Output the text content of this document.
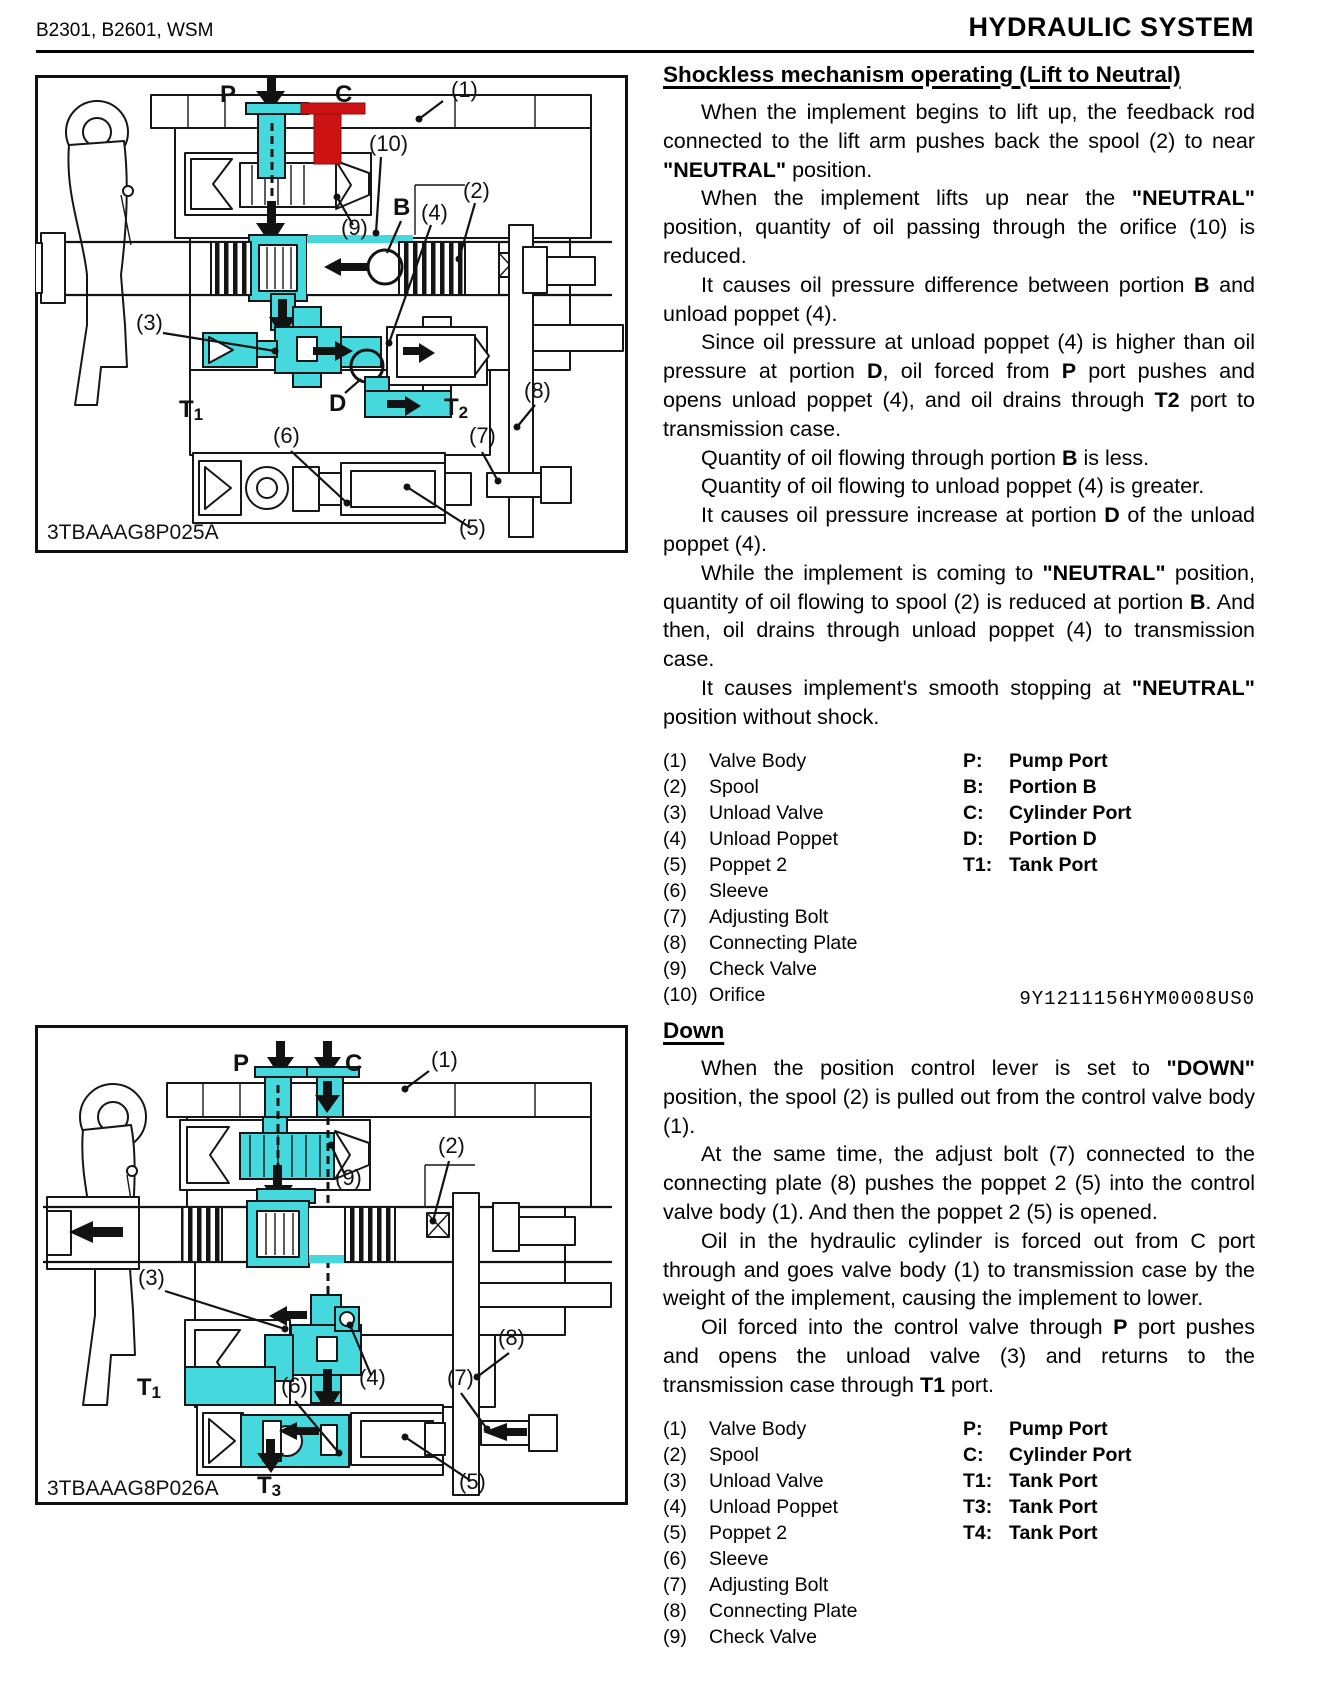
B2301, B2601, WSM	HYDRAULIC SYSTEM
P	C	(1)
(10)
(9)
B (4)
(2)
(3)
D	(8)
(7)
(6)
(5)
T1	T2
3TBAAAG8P025A
P	C	(1)
(9)
(2)
(3)
(4)
(6)
(8)
(7)
(5)
T1
T3
3TBAAAG8P026A
Shockless mechanism operating (Lift to Neutral)

When the implement begins to lift up, the feedback rod connected to the lift arm pushes back the spool (2) to near "NEUTRAL" position.

When the implement lifts up near the "NEUTRAL" position, quantity of oil passing through the orifice (10) is reduced.

It causes oil pressure difference between portion B and unload poppet (4).

Since oil pressure at unload poppet (4) is higher than oil pressure at portion D, oil forced from P port pushes and opens unload poppet (4), and oil drains through T2 port to transmission case.

Quantity of oil flowing through portion B is less.

Quantity of oil flowing to unload poppet (4) is greater.

It causes oil pressure increase at portion D of the unload poppet (4).

While the implement is coming to "NEUTRAL" position, quantity of oil flowing to spool (2) is reduced at portion B. And then, oil drains through unload poppet (4) to transmission case.

It causes implement's smooth stopping at "NEUTRAL" position without shock.

(1)	Valve Body
(2)	Spool
(3)	Unload Valve
(4)	Unload Poppet
(5)	Poppet 2
(6)	Sleeve
(7)	Adjusting Bolt
(8)	Connecting Plate
(9)	Check Valve
(10) Orifice
P:	Pump Port
B:	Portion B
C:	Cylinder Port
D:	Portion D
T1: Tank Port
9Y1211156HYM0008US0
Down

When the position control lever is set to "DOWN" position, the spool (2) is pulled out from the control valve body (1).

At the same time, the adjust bolt (7) connected to the connecting plate (8) pushes the poppet 2 (5) into the control valve body (1). And then the poppet 2 (5) is opened.

Oil in the hydraulic cylinder is forced out from C port through and goes valve body (1) to transmission case by the weight of the implement, causing the implement to lower.

Oil forced into the control valve through P port pushes and opens the unload valve (3) and returns to the transmission case through T1 port.

(1)	Valve Body
(2)	Spool
(3)	Unload Valve
(4)	Unload Poppet
(5)	Poppet 2
(6)	Sleeve
(7)	Adjusting Bolt
(8)	Connecting Plate
(9)	Check Valve
P:	Pump Port
C:	Cylinder Port
T1: Tank Port
T3: Tank Port
T4: Tank Port
